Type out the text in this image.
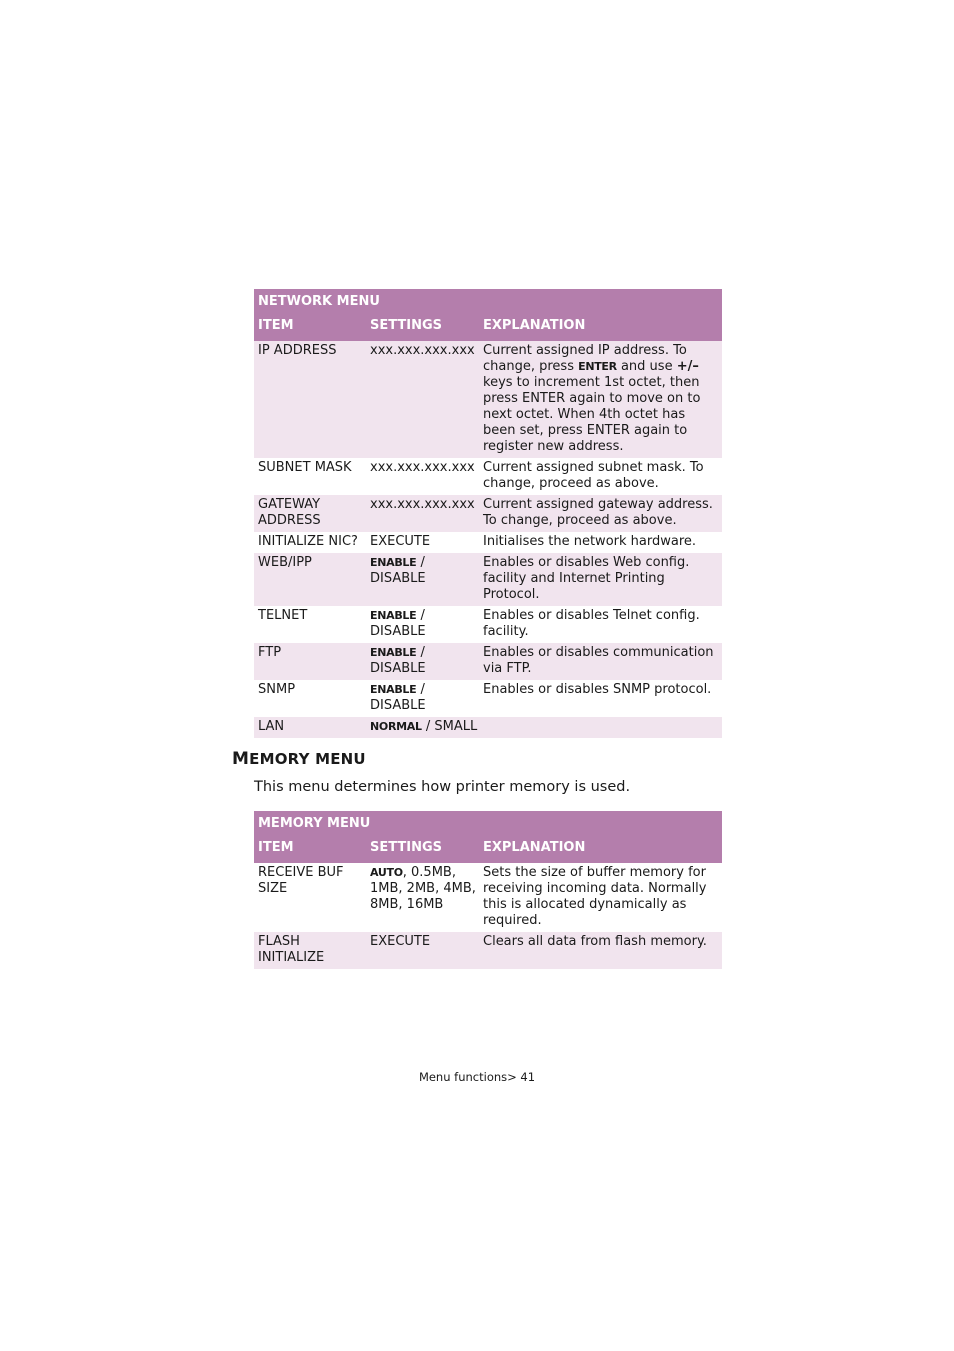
NETWORK MENU		
ITEM	SETTINGS	EXPLANATION
IP ADDRESS	xxx.xxx.xxx.xxx	Current assigned IP address. To change, press ENTER and use +/– keys to increment 1st octet, then press ENTER again to move on to next octet. When 4th octet has been set, press ENTER again to register new address.
SUBNET MASK	xxx.xxx.xxx.xxx	Current assigned subnet mask. To change, proceed as above.
GATEWAY ADDRESS	xxx.xxx.xxx.xxx	Current assigned gateway address. To change, proceed as above.
INITIALIZE NIC?	EXECUTE	Initialises the network hardware.
WEB/IPP	ENABLE / DISABLE	Enables or disables Web config. facility and Internet Printing Protocol.
TELNET	ENABLE / DISABLE	Enables or disables Telnet config. facility.
FTP	ENABLE / DISABLE	Enables or disables communication via FTP.
SNMP	ENABLE / DISABLE	Enables or disables SNMP protocol.
LAN	NORMAL / SMALL	
MEMORY MENU

This menu determines how printer memory is used.

MEMORY MENU		
ITEM	SETTINGS	EXPLANATION
RECEIVE BUF SIZE	AUTO, 0.5MB, 1MB, 2MB, 4MB, 8MB, 16MB	Sets the size of buffer memory for receiving incoming data. Normally this is allocated dynamically as required.
FLASH INITIALIZE	EXECUTE	Clears all data from flash memory.
Menu functions> 41
